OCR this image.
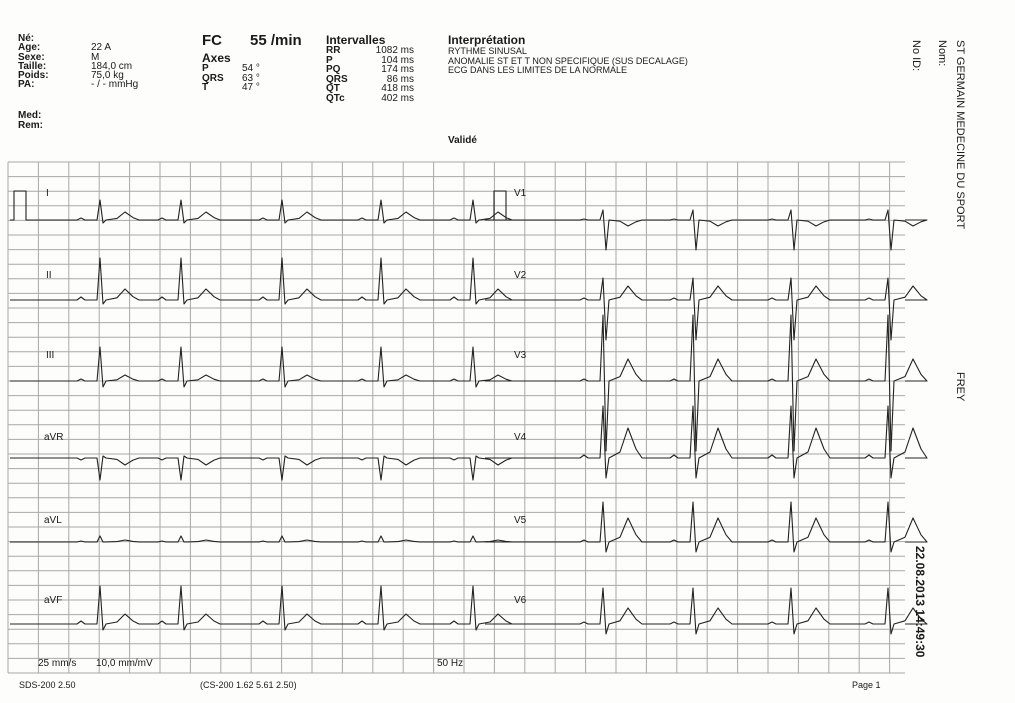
Né:
Age:	22 A
Sexe:	M
Taille:	184,0 cm
Poids:	75,0 kg
PA:	- / - mmHg
Med:
Rem:
FC 55 /min
Axes
P	54 °
QRS 63 °
T	47 °
Intervalles
RR	1082 ms
P	104 ms
PQ	174 ms
QRS	86 ms
QT	418 ms
QTc	402 ms
Interprétation
RYTHME SINUSAL
ANOMALIE ST ET T NON SPECIFIQUE (SUS DECALAGE)
ECG DANS LES LIMITES DE LA NORMALE
Validé
I
II
III
aVR
aVL
aVF
V1
V2
V3
V4
V5
V6
25 mm/s 10,0 mm/mV	50 Hz
SDS-200 2.50	(CS-200 1.62 5.61 2.50)	Page 1
No ID: Nom: ST GERMAIN MEDECINE DU SPORT
FREY
22.08.2013 14:49:30
